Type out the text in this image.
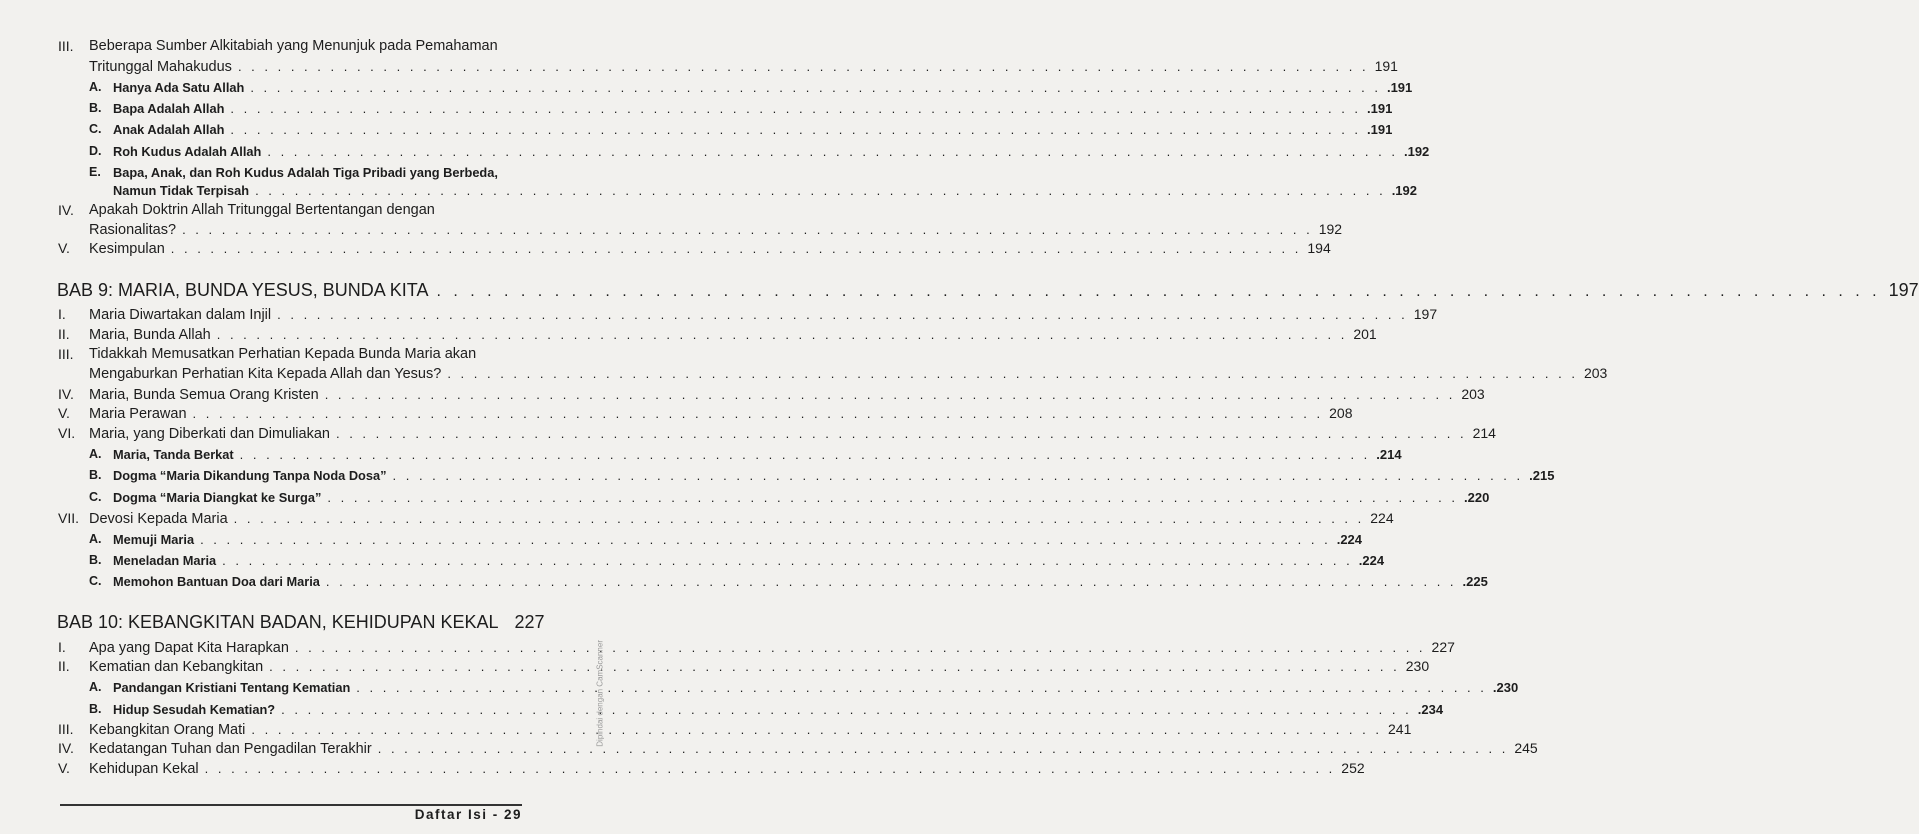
III. Beberapa Sumber Alkitabiah yang Menunjuk pada Pemahaman
Tritunggal Mahakudus . . .	191
A. Hanya Ada Satu Allah . . .	.191
B. Bapa Adalah Allah . . .	.191
C. Anak Adalah Allah . . .	.191
D. Roh Kudus Adalah Allah . . .	.192
E. Bapa, Anak, dan Roh Kudus Adalah Tiga Pribadi yang Berbeda,
Namun Tidak Terpisah . . .	.192
IV. Apakah Doktrin Allah Tritunggal Bertentangan dengan
Rasionalitas? . . .	192
V. Kesimpulan . . .	194
BAB 9: MARIA, BUNDA YESUS, BUNDA KITA . . .	197
I. Maria Diwartakan dalam Injil . . .	197
II. Maria, Bunda Allah . . .	201
III. Tidakkah Memusatkan Perhatian Kepada Bunda Maria akan
Mengaburkan Perhatian Kita Kepada Allah dan Yesus? . . .	203
IV. Maria, Bunda Semua Orang Kristen . . .	203
V. Maria Perawan . . .	208
VI. Maria, yang Diberkati dan Dimuliakan . . .	214
A. Maria, Tanda Berkat . . .	.214
B. Dogma “Maria Dikandung Tanpa Noda Dosa” . . .	.215
C. Dogma “Maria Diangkat ke Surga” . . .	.220
VII. Devosi Kepada Maria . . .	224
A. Memuji Maria . . .	.224
B. Meneladan Maria . . .	.224
C. Memohon Bantuan Doa dari Maria . . .	.225
BAB 10: KEBANGKITAN BADAN, KEHIDUPAN KEKAL 227
I. Apa yang Dapat Kita Harapkan . . .	227
II. Kematian dan Kebangkitan . . .	230
A. Pandangan Kristiani Tentang Kematian . . .	.230
B. Hidup Sesudah Kematian? . . .	.234
III. Kebangkitan Orang Mati . . .	241
IV. Kedatangan Tuhan dan Pengadilan Terakhir . . .	245
V. Kehidupan Kekal . . .	252
Daftar Isi - 29
Dipindai dengan CamScanner
